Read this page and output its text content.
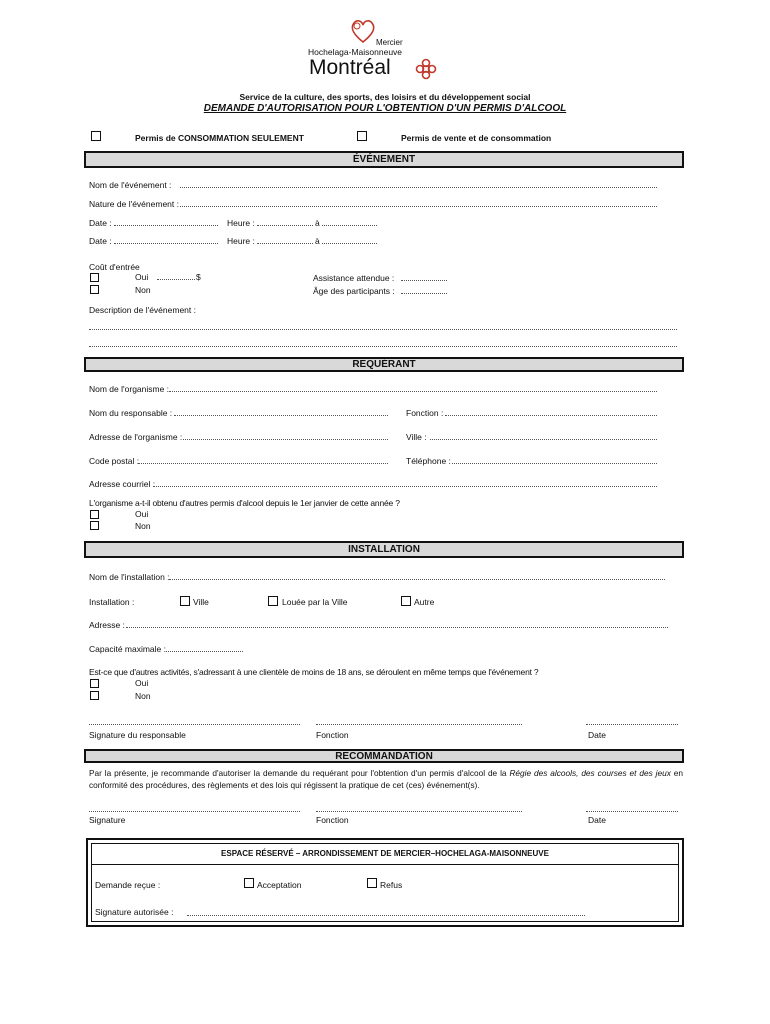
Mercier
Hochelaga-Maisonneuve
Montréal
Service de la culture, des sports, des loisirs et du développement social
DEMANDE D'AUTORISATION POUR L'OBTENTION D'UN PERMIS D'ALCOOL
Permis de CONSOMMATION SEULEMENT	Permis de vente et de consommation
ÉVÉNEMENT
Nom de l'événement :
Nature de l'événement :
Date :	Heure :	à
Date :	Heure :	à
Coût d'entrée
Oui	$
Non
Assistance attendue :
Âge des participants :
Description de l'événement :
REQUÉRANT
Nom de l'organisme :
Nom du responsable :	Fonction :
Adresse de l'organisme :	Ville :
Code postal :	Téléphone :
Adresse courriel :
L'organisme a-t-il obtenu d'autres permis d'alcool depuis le 1er janvier de cette année ?
Oui
Non
INSTALLATION
Nom de l'installation :
Installation :	Ville	Louée par la Ville	Autre
Adresse :
Capacité maximale :
Est-ce que d'autres activités, s'adressant à une clientèle de moins de 18 ans, se déroulent en même temps que l'événement ?
Oui
Non
Signature du responsable	Fonction	Date
RECOMMANDATION
Par la présente, je recommande d'autoriser la demande du requérant pour l'obtention d'un permis d'alcool de la Régie des alcools, des courses et des jeux en conformité des procédures, des règlements et des lois qui régissent la pratique de cet (ces) événement(s).
Signature	Fonction	Date
ESPACE RÉSERVÉ – ARRONDISSEMENT DE MERCIER–HOCHELAGA-MAISONNEUVE
Demande reçue :	Acceptation	Refus
Signature autorisée :
